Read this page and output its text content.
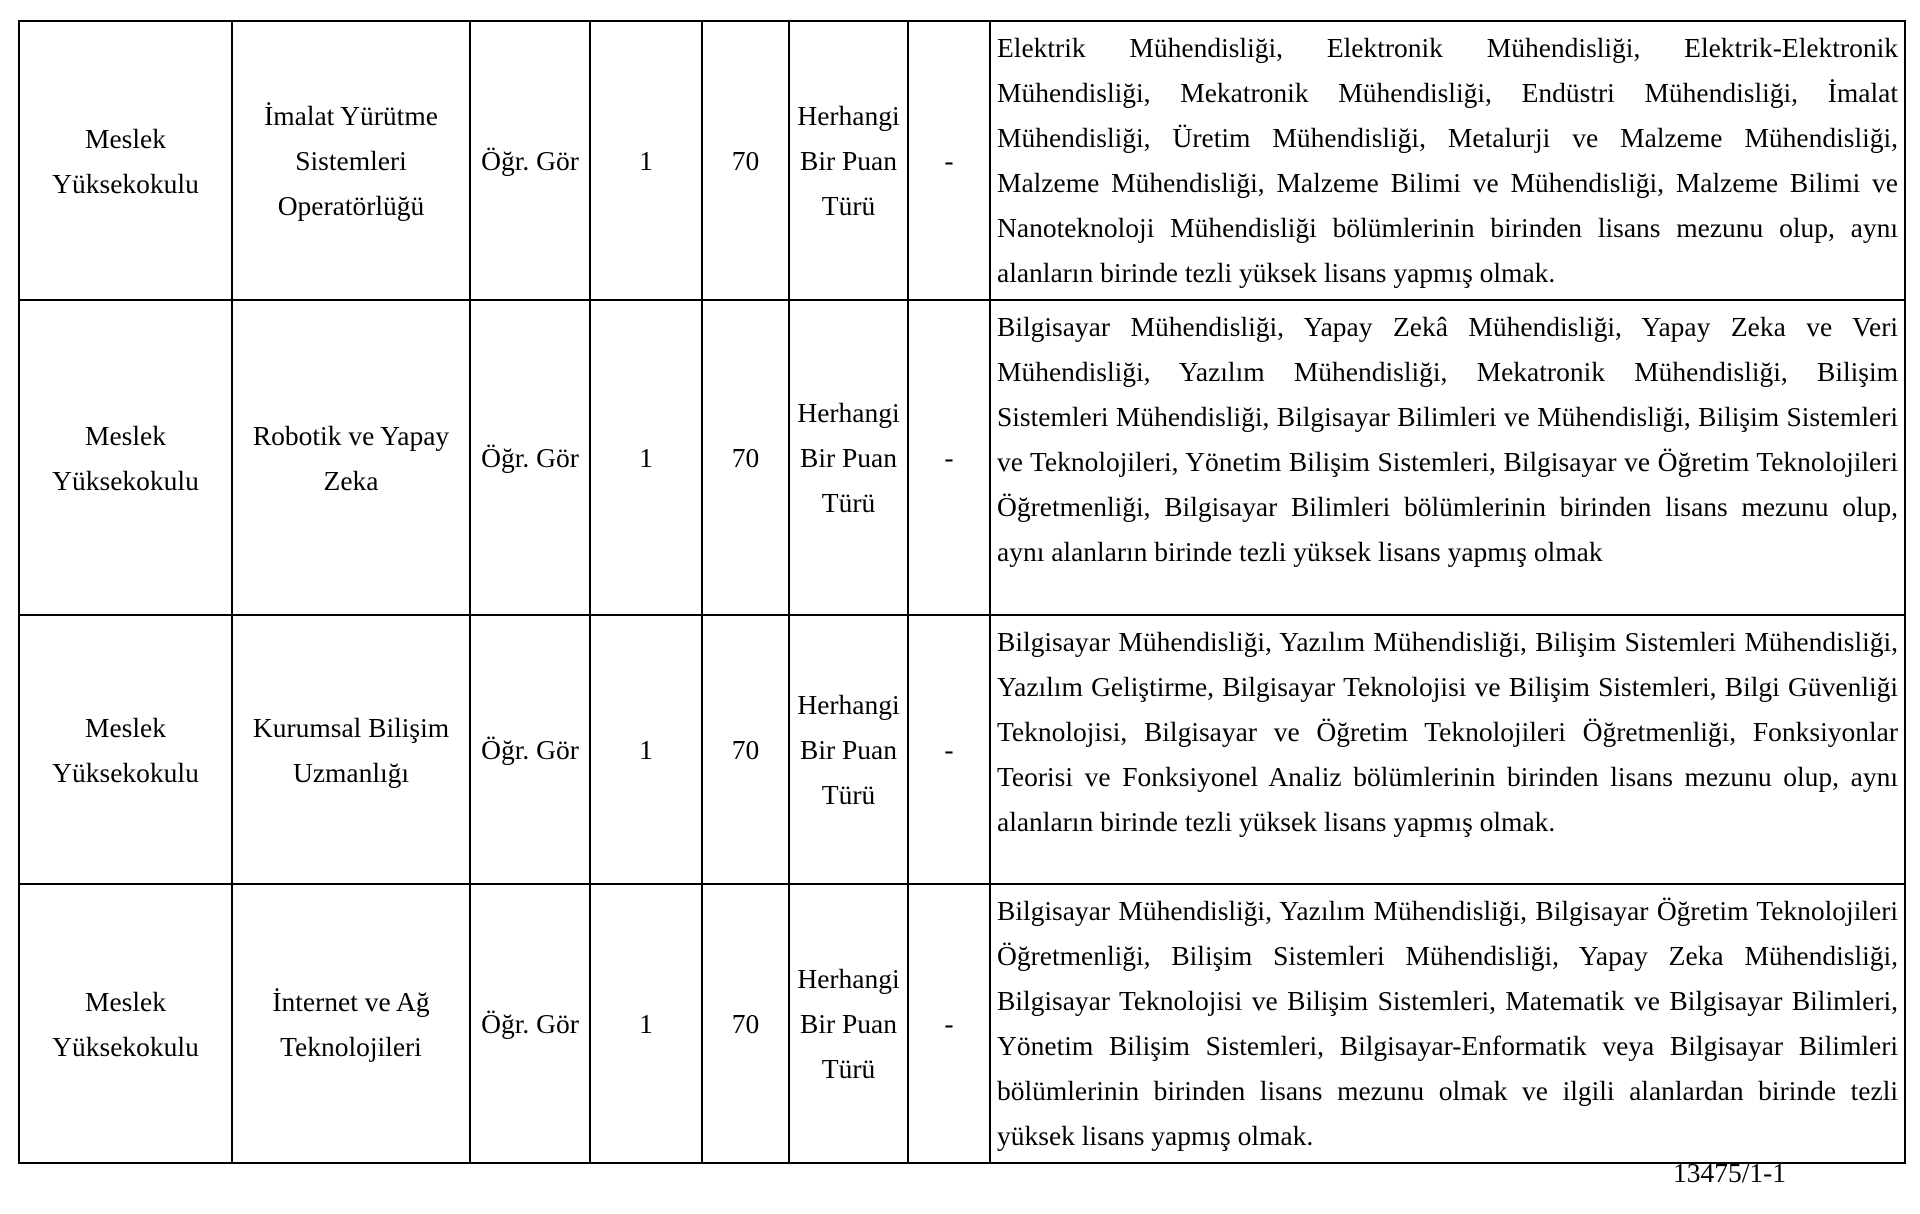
Meslek Yüksekokulu	İmalat Yürütme Sistemleri Operatörlüğü	Öğr. Gör	1	70	Herhangi Bir Puan Türü	-	Elektrik Mühendisliği, Elektronik Mühendisliği, Elektrik-Elektronik Mühendisliği, Mekatronik Mühendisliği, Endüstri Mühendisliği, İmalat Mühendisliği, Üretim Mühendisliği, Metalurji ve Malzeme Mühendisliği, Malzeme Mühendisliği, Malzeme Bilimi ve Mühendisliği, Malzeme Bilimi ve Nanoteknoloji Mühendisliği bölümlerinin birinden lisans mezunu olup, aynı alanların birinde tezli yüksek lisans yapmış olmak.
Meslek Yüksekokulu	Robotik ve Yapay Zeka	Öğr. Gör	1	70	Herhangi Bir Puan Türü	-	Bilgisayar Mühendisliği, Yapay Zekâ Mühendisliği, Yapay Zeka ve Veri Mühendisliği, Yazılım Mühendisliği, Mekatronik Mühendisliği, Bilişim Sistemleri Mühendisliği, Bilgisayar Bilimleri ve Mühendisliği, Bilişim Sistemleri ve Teknolojileri, Yönetim Bilişim Sistemleri, Bilgisayar ve Öğretim Teknolojileri Öğretmenliği, Bilgisayar Bilimleri bölümlerinin birinden lisans mezunu olup, aynı alanların birinde tezli yüksek lisans yapmış olmak
Meslek Yüksekokulu	Kurumsal Bilişim Uzmanlığı	Öğr. Gör	1	70	Herhangi Bir Puan Türü	-	Bilgisayar Mühendisliği, Yazılım Mühendisliği, Bilişim Sistemleri Mühendisliği, Yazılım Geliştirme, Bilgisayar Teknolojisi ve Bilişim Sistemleri, Bilgi Güvenliği Teknolojisi, Bilgisayar ve Öğretim Teknolojileri Öğretmenliği, Fonksiyonlar Teorisi ve Fonksiyonel Analiz bölümlerinin birinden lisans mezunu olup, aynı alanların birinde tezli yüksek lisans yapmış olmak.
Meslek Yüksekokulu	İnternet ve Ağ Teknolojileri	Öğr. Gör	1	70	Herhangi Bir Puan Türü	-	Bilgisayar Mühendisliği, Yazılım Mühendisliği, Bilgisayar Öğretim Teknolojileri Öğretmenliği, Bilişim Sistemleri Mühendisliği, Yapay Zeka Mühendisliği, Bilgisayar Teknolojisi ve Bilişim Sistemleri, Matematik ve Bilgisayar Bilimleri, Yönetim Bilişim Sistemleri, Bilgisayar-Enformatik veya Bilgisayar Bilimleri bölümlerinin birinden lisans mezunu olmak ve ilgili alanlardan birinde tezli yüksek lisans yapmış olmak.
13475/1-1
